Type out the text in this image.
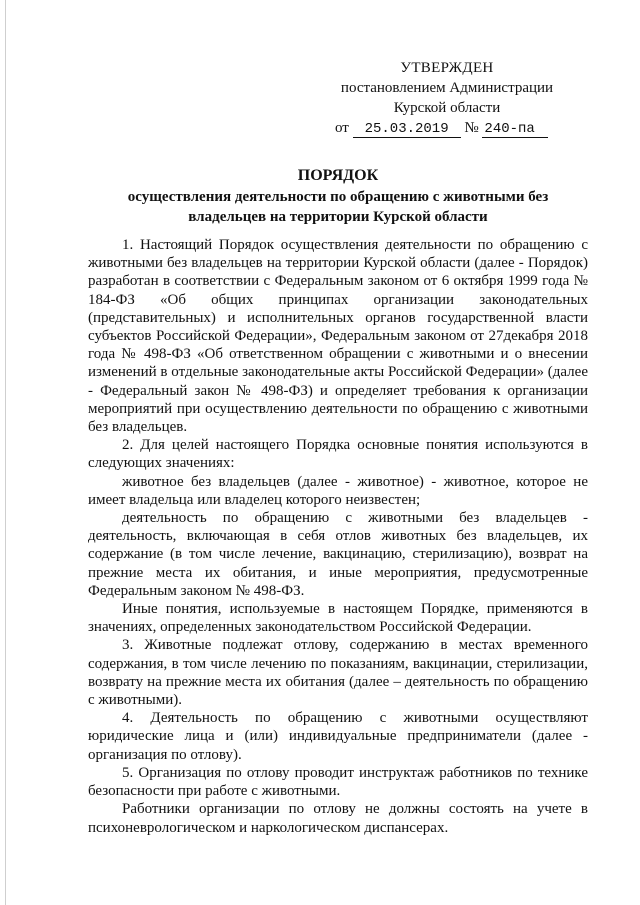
УТВЕРЖДЕН
постановлением Администрации
Курской области
от 25.03.2019 № 240-па
ПОРЯДОК
осуществления деятельности по обращению с животными без владельцев на территории Курской области

1. Настоящий Порядок осуществления деятельности по обращению с животными без владельцев на территории Курской области (далее - Порядок) разработан в соответствии с Федеральным законом от 6 октября 1999 года № 184-ФЗ «Об общих принципах организации законодательных (представительных) и исполнительных органов государственной власти субъектов Российской Федерации», Федеральным законом от 27декабря 2018 года № 498-ФЗ «Об ответственном обращении с животными и о внесении изменений в отдельные законодательные акты Российской Федерации» (далее - Федеральный закон № 498-ФЗ) и определяет требования к организации мероприятий при осуществлению деятельности по обращению с животными без владельцев.

2. Для целей настоящего Порядка основные понятия используются в следующих значениях:

животное без владельцев (далее - животное) - животное, которое не имеет владельца или владелец которого неизвестен;

деятельность по обращению с животными без владельцев - деятельность, включающая в себя отлов животных без владельцев, их содержание (в том числе лечение, вакцинацию, стерилизацию), возврат на прежние места их обитания, и иные мероприятия, предусмотренные Федеральным законом № 498-ФЗ.

Иные понятия, используемые в настоящем Порядке, применяются в значениях, определенных законодательством Российской Федерации.

3. Животные подлежат отлову, содержанию в местах временного содержания, в том числе лечению по показаниям, вакцинации, стерилизации, возврату на прежние места их обитания (далее – деятельность по обращению с животными).

4. Деятельность по обращению с животными осуществляют юридические лица и (или) индивидуальные предприниматели (далее - организация по отлову).

5. Организация по отлову проводит инструктаж работников по технике безопасности при работе с животными.

Работники организации по отлову не должны состоять на учете в психоневрологическом и наркологическом диспансерах.
